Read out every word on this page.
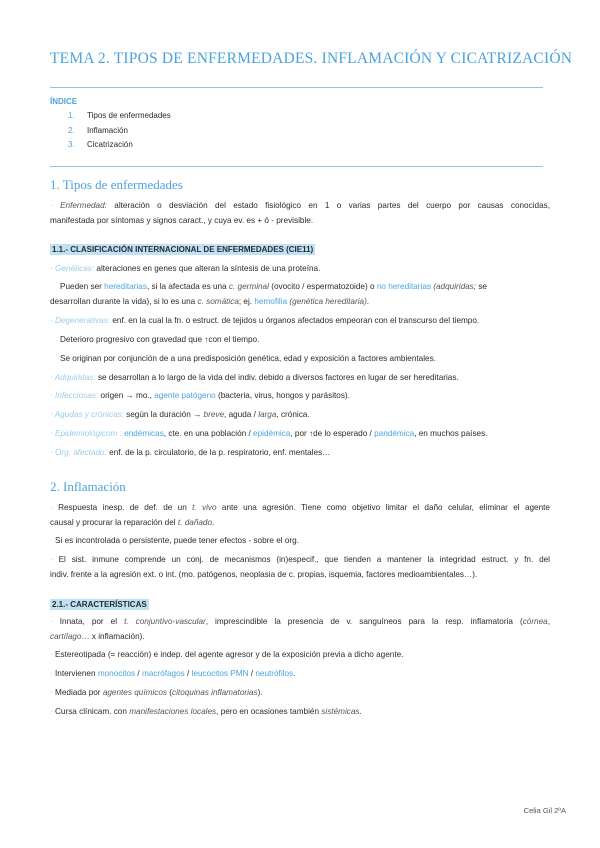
TEMA 2. TIPOS DE ENFERMEDADES. INFLAMACIÓN Y CICATRIZACIÓN
ÍNDICE
1. Tipos de enfermedades
2. Inflamación
3. Cicatrización
1. Tipos de enfermedades
· Enfermedad: alteración o desviación del estado fisiológico en 1 o varias partes del cuerpo por causas conocidas,
manifestada por síntomas y signos caract., y cuya ev. es + ó - previsible.
1.1.- CLASIFICACIÓN INTERNACIONAL DE ENFERMEDADES (CIE11)
· Genéticas: alteraciones en genes que alteran la síntesis de una proteína.
Pueden ser hereditarias, si la afectada es una c. germinal (ovocito / espermatozoide) o no hereditarias (adquiridas; se
desarrollan durante la vida), si lo es una c. somática; ej. hemofilia (genética hereditaria).
· Degenerativas: enf. en la cual la fn. o estruct. de tejidos u órganos afectados empeoran con el transcurso del tiempo.
Deterioro progresivo con gravedad que ↑con el tiempo.
Se originan por conjunción de a una predisposición genética, edad y exposición a factores ambientales.
· Adquiridas: se desarrollan a lo largo de la vida del indiv. debido a diversos factores en lugar de ser hereditarias.
· Infecciosas: origen → mo., agente patógeno (bacteria, virus, hongos y parásitos).
· Agudas y crónicas: según la duración → breve, aguda / larga, crónica.
· Epidemiológicom : endémicas, cte. en una población / epidémica, por ↑de lo esperado / pandémica, en muchos países.
· Org. afectado: enf. de la p. circulatorio, de la p. respiratorio, enf. mentales…
2. Inflamación
· Respuesta inesp. de def. de un t. vivo ante una agresión. Tiene como objetivo limitar el daño celular, eliminar el agente
causal y procurar la reparación del t. dañado.
· Si es incontrolada o persistente, puede tener efectos - sobre el org.
· El sist. inmune comprende un conj. de mecanismos (in)especif., que tienden a mantener la integridad estruct. y fn. del
indiv. frente a la agresión ext. o int. (mo. patógenos, neoplasia de c. propias, isquemia, factores medioambientales…).
2.1.- CARACTERÍSTICAS
· Innata, por el t. conjuntivo-vascular, imprescindible la presencia de v. sanguíneos para la resp. inflamatoria (córnea,
cartílago… x inflamación).
· Estereotipada (= reacción) e indep. del agente agresor y de la exposición previa a dicho agente.
· Intervienen monocitos / macrófagos / leucocitos PMN / neutrófilos.
· Mediada por agentes químicos (citoquinas inflamatorias).
· Cursa clínicam. con manifestaciones locales, pero en ocasiones también sistémicas.
Celia Gil 2ºA
